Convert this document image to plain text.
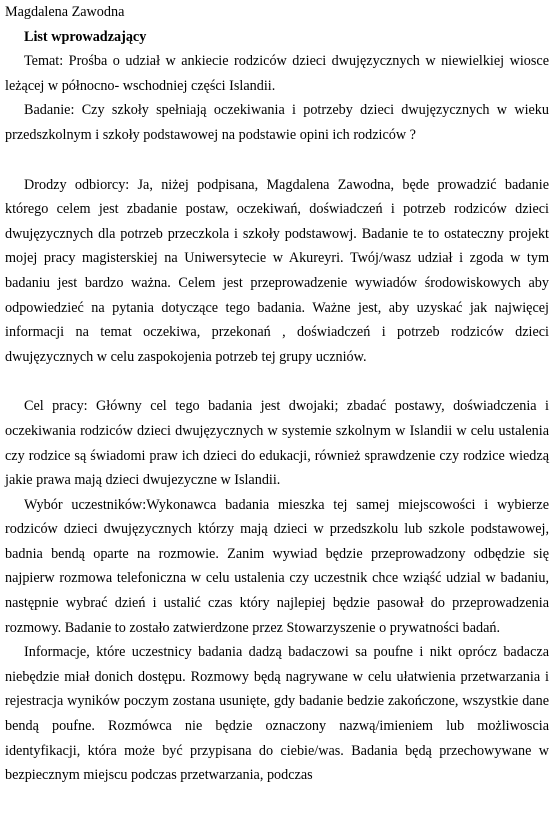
Magdalena Zawodna

List wprowadzający

Temat: Prośba o udział w ankiecie rodziców dzieci dwujęzycznych w niewielkiej wiosce leżącej w północno- wschodniej części Islandii.

Badanie: Czy szkoły spełniają oczekiwania i potrzeby dzieci dwujęzycznych w wieku przedszkolnym i szkoły podstawowej na podstawie opini ich rodziców ?

Drodzy odbiorcy: Ja, niżej podpisana, Magdalena Zawodna, będe prowadzić badanie którego celem jest zbadanie postaw, oczekiwań, doświadczeń i potrzeb rodziców dzieci dwujęzycznych dla potrzeb przeczkola i szkoły podstawowj. Badanie te to ostateczny projekt mojej pracy magisterskiej na Uniwersytecie w Akureyri. Twój/wasz udział i zgoda w tym badaniu jest bardzo ważna. Celem jest przeprowadzenie wywiadów środowiskowych aby odpowiedzieć na pytania dotyczące tego badania. Ważne jest, aby uzyskać jak najwięcej informacji na temat oczekiwa, przekonań , doświadczeń i potrzeb rodziców dzieci dwujęzycznych w celu zaspokojenia potrzeb tej grupy uczniów.

Cel pracy: Główny cel tego badania jest dwojaki; zbadać postawy, doświadczenia i oczekiwania rodziców dzieci dwujęzycznych w systemie szkolnym w Islandii w celu ustalenia czy rodzice są świadomi praw ich dzieci do edukacji, również sprawdzenie czy rodzice wiedzą jakie prawa mają dzieci dwujezyczne w Islandii.

Wybór uczestników:Wykonawca badania mieszka tej samej miejscowości i wybierze rodziców dzieci dwujęzycznych którzy mają dzieci w przedszkolu lub szkole podstawowej, badnia bendą oparte na rozmowie. Zanim wywiad będzie przeprowadzony odbędzie się najpierw rozmowa telefoniczna w celu ustalenia czy uczestnik chce wziąść udzial w badaniu, następnie wybrać dzień i ustalić czas który najlepiej będzie pasował do przeprowadzenia rozmowy. Badanie to zostało zatwierdzone przez Stowarzyszenie o prywatności badań.

Informacje, które uczestnicy badania dadzą badaczowi sa poufne i nikt oprócz badacza niebędzie miał donich dostępu. Rozmowy będą nagrywane w celu ułatwienia przetwarzania i rejestracja wyników poczym zostana usunięte, gdy badanie bedzie zakończone, wszystkie dane bendą poufne. Rozmówca nie będzie oznaczony nazwą/imieniem lub możliwoscia identyfikacji, która może być przypisana do ciebie/was. Badania będą przechowywane w bezpiecznym miejscu podczas przetwarzania, podczas
